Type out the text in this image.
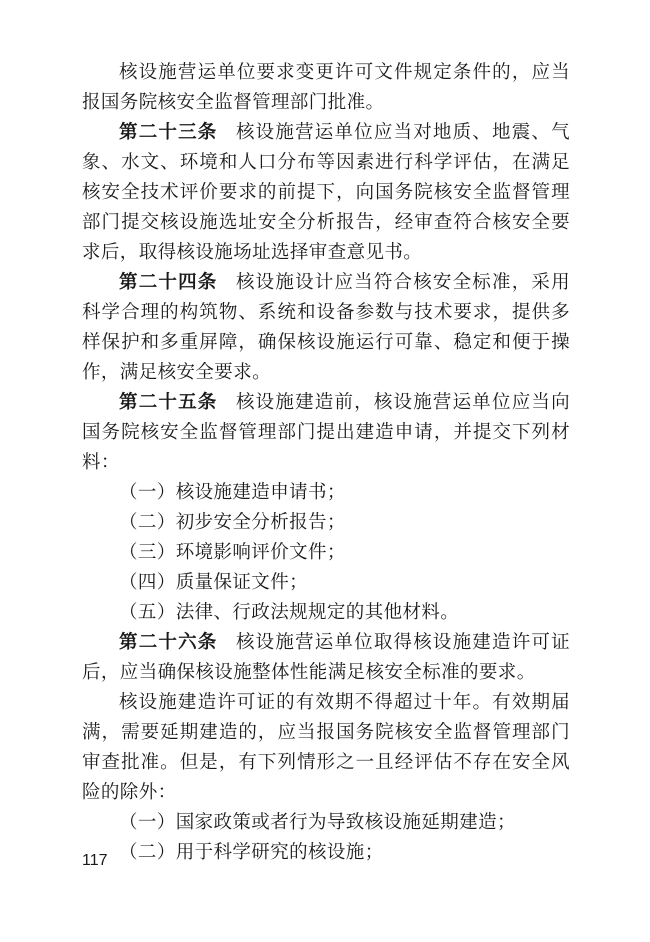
核设施营运单位要求变更许可文件规定条件的，应当报国务院核安全监督管理部门批准。

第二十三条 核设施营运单位应当对地质、地震、气象、水文、环境和人口分布等因素进行科学评估，在满足核安全技术评价要求的前提下，向国务院核安全监督管理部门提交核设施选址安全分析报告，经审查符合核安全要求后，取得核设施场址选择审查意见书。

第二十四条 核设施设计应当符合核安全标准，采用科学合理的构筑物、系统和设备参数与技术要求，提供多样保护和多重屏障，确保核设施运行可靠、稳定和便于操作，满足核安全要求。

第二十五条 核设施建造前，核设施营运单位应当向国务院核安全监督管理部门提出建造申请，并提交下列材料：

（一）核设施建造申请书；

（二）初步安全分析报告；

（三）环境影响评价文件；

（四）质量保证文件；

（五）法律、行政法规规定的其他材料。

第二十六条 核设施营运单位取得核设施建造许可证后，应当确保核设施整体性能满足核安全标准的要求。

核设施建造许可证的有效期不得超过十年。有效期届满，需要延期建造的，应当报国务院核安全监督管理部门审查批准。但是，有下列情形之一且经评估不存在安全风险的除外：

（一）国家政策或者行为导致核设施延期建造；

（二）用于科学研究的核设施；

117
